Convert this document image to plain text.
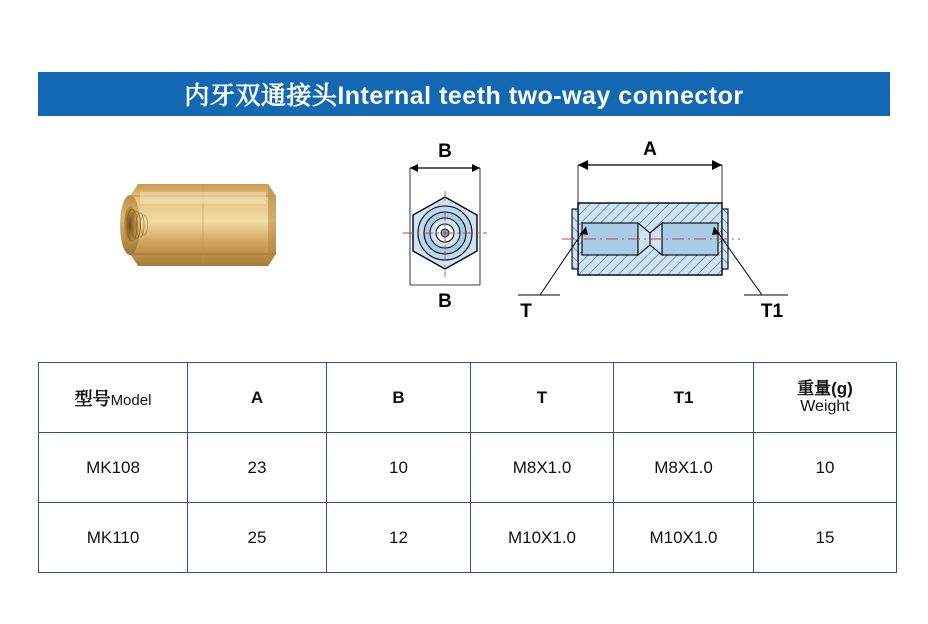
内牙双通接头Internal teeth two-way connector
B
B
A
T	T1
型号Model	A	B	T	T1	重量(g)
Weight

MK108	23	10	M8X1.0	M8X1.0	10
MK110	25	12	M10X1.0	M10X1.0	15
